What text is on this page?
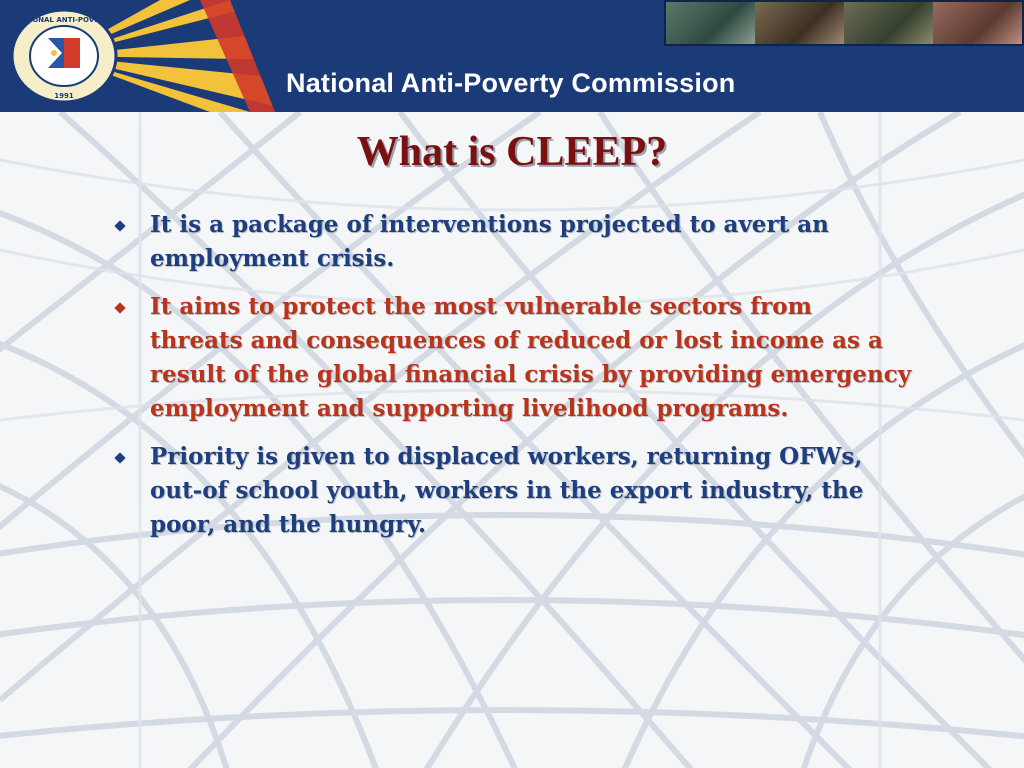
NATIONAL ANTI-POVERTY
1991	National Anti-Poverty Commission
What is CLEEP?
It is a package of interventions projected to avert an employment crisis.
It aims to protect the most vulnerable sectors from threats and consequences of reduced or lost income as a result of the global financial crisis by providing emergency employment and supporting livelihood programs.
Priority is given to displaced workers, returning OFWs, out-of school youth, workers in the export industry, the poor, and the hungry.
